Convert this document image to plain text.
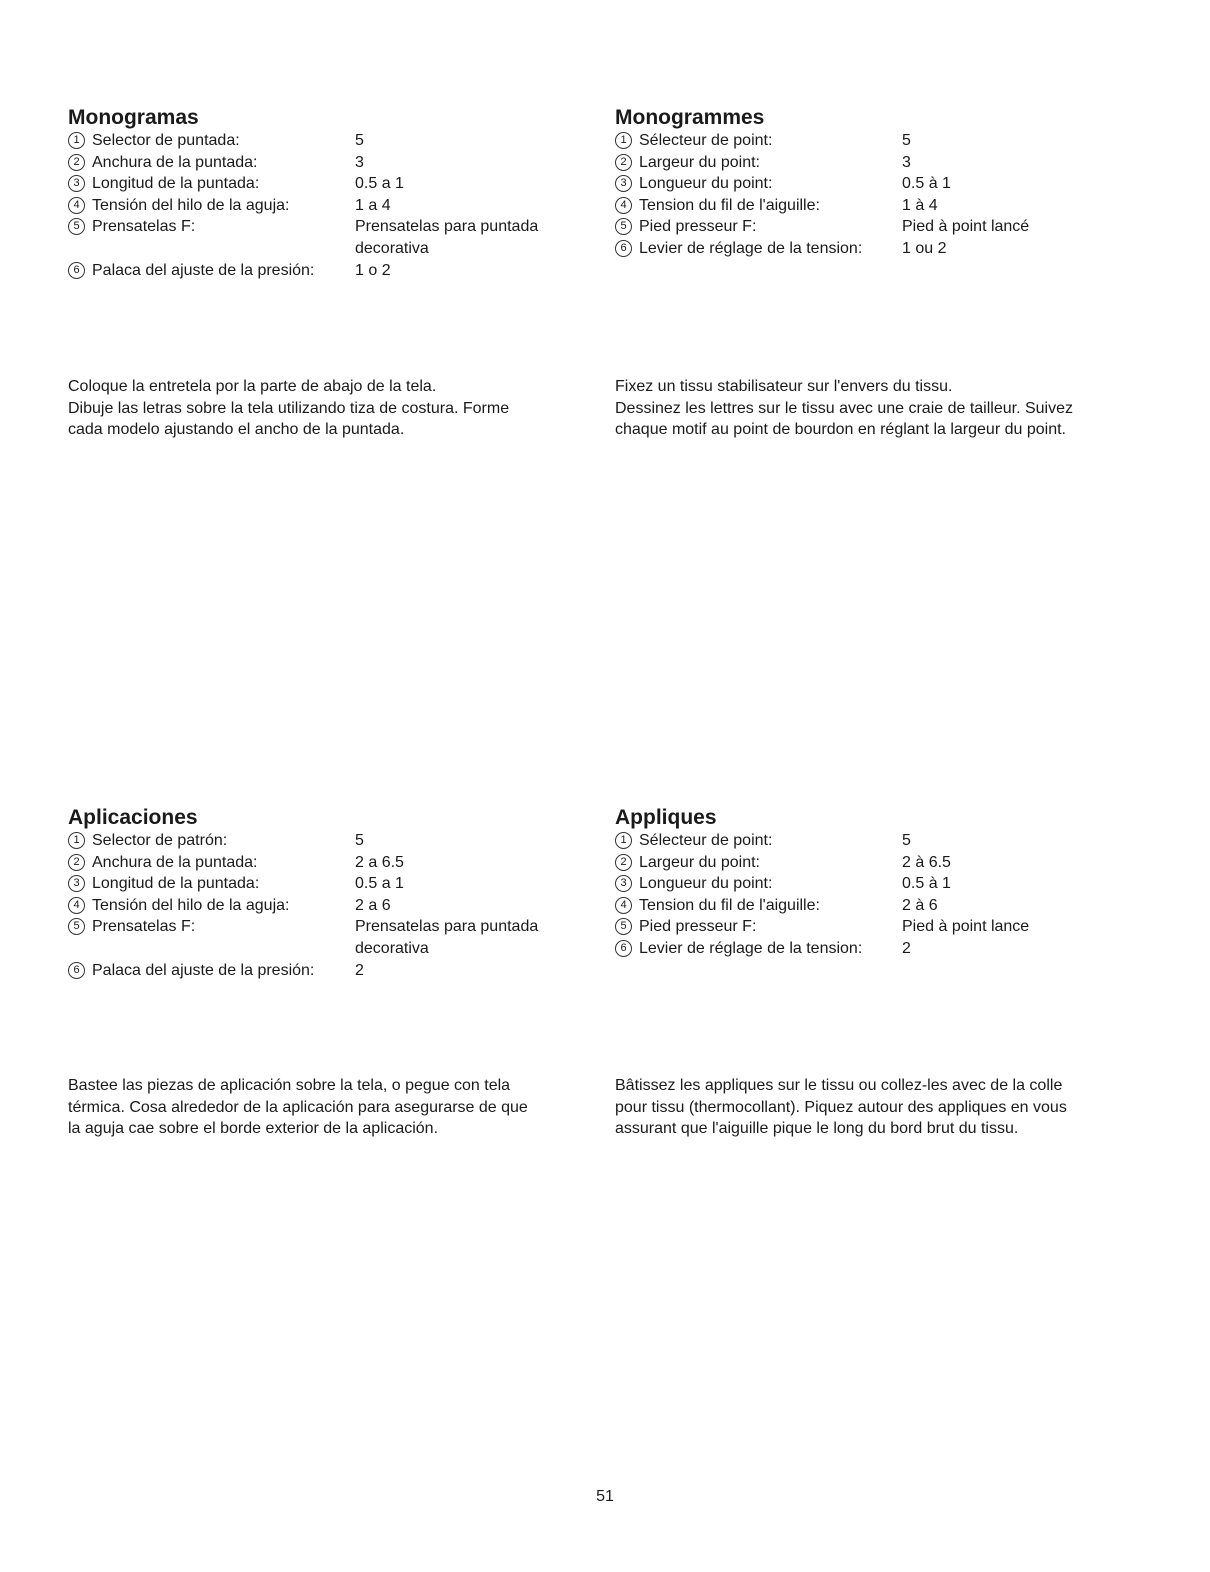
Monogramas
1 Selector de puntada:	5
2 Anchura de la puntada:	3
3 Longitud de la puntada:	0.5 a 1
4 Tensión del hilo de la aguja:	1 a 4
5 Prensatelas F:	Prensatelas para puntada

decorativa
6 Palaca del ajuste de la presión:	1 o 2
Monogrammes
1 Sélecteur de point:	5
2 Largeur du point:	3
3 Longueur du point:	0.5 à 1
4 Tension du fil de l'aiguille:	1 à 4
5 Pied presseur F:	Pied à point lancé
6 Levier de réglage de la tension:	1 ou 2

Coloque la entretela por la parte de abajo de la tela.
Dibuje las letras sobre la tela utilizando tiza de costura. Forme
cada modelo ajustando el ancho de la puntada.

Fixez un tissu stabilisateur sur l'envers du tissu.
Dessinez les lettres sur le tissu avec une craie de tailleur. Suivez
chaque motif au point de bourdon en réglant la largeur du point.

Aplicaciones
1 Selector de patrón:	5
2 Anchura de la puntada:	2 a 6.5
3 Longitud de la puntada:	0.5 a 1
4 Tensión del hilo de la aguja:	2 a 6
5 Prensatelas F:	Prensatelas para puntada

decorativa
6 Palaca del ajuste de la presión:	2
Appliques
1 Sélecteur de point:	5
2 Largeur du point:	2 à 6.5
3 Longueur du point:	0.5 à 1
4 Tension du fil de l'aiguille:	2 à 6
5 Pied presseur F:	Pied à point lance
6 Levier de réglage de la tension:	2

Bastee las piezas de aplicación sobre la tela, o pegue con tela
térmica. Cosa alrededor de la aplicación para asegurarse de que
la aguja cae sobre el borde exterior de la aplicación.

Bâtissez les appliques sur le tissu ou collez-les avec de la colle
pour tissu (thermocollant). Piquez autour des appliques en vous
assurant que l'aiguille pique le long du bord brut du tissu.

51
